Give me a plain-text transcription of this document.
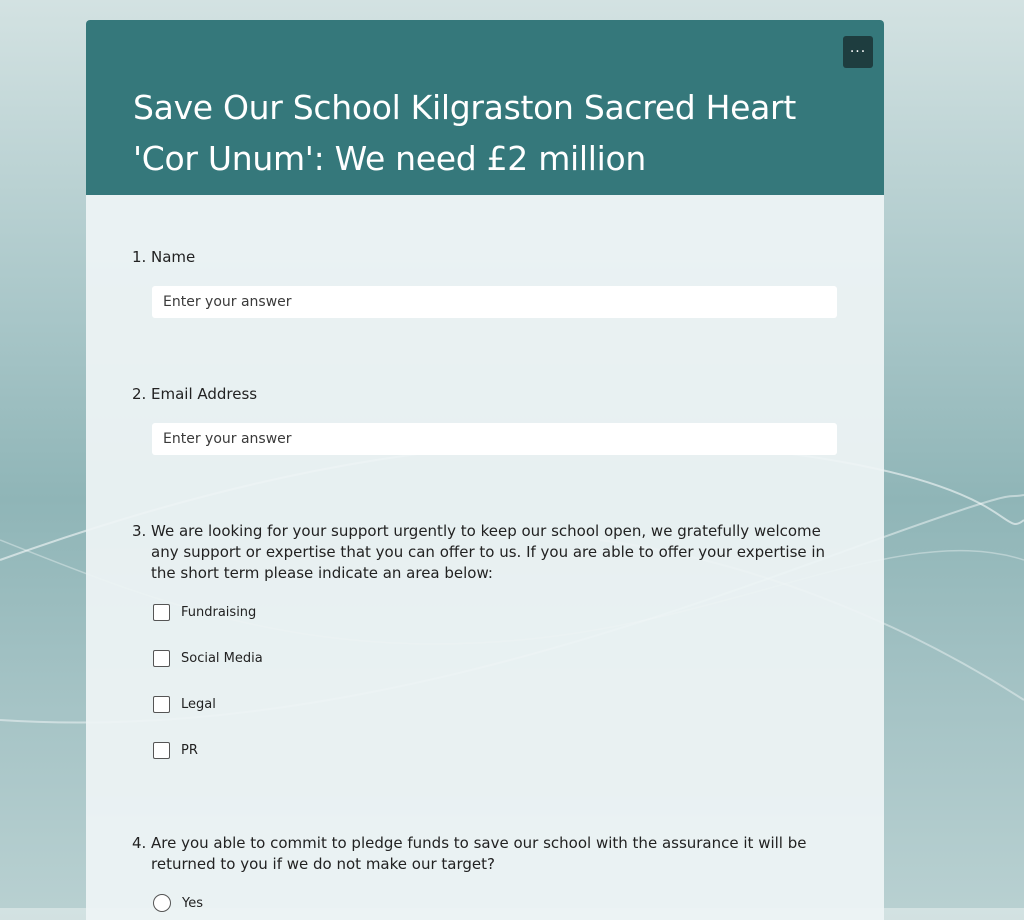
Save Our School Kilgraston Sacred Heart 'Cor Unum': We need £2 million
···
1. Name
Enter your answer
2. Email Address
Enter your answer
3. We are looking for your support urgently to keep our school open, we gratefully welcome any support or expertise that you can offer to us. If you are able to offer your expertise in the short term please indicate an area below:
Fundraising
Social Media
Legal
PR
4. Are you able to commit to pledge funds to save our school with the assurance it will be returned to you if we do not make our target?
Yes
